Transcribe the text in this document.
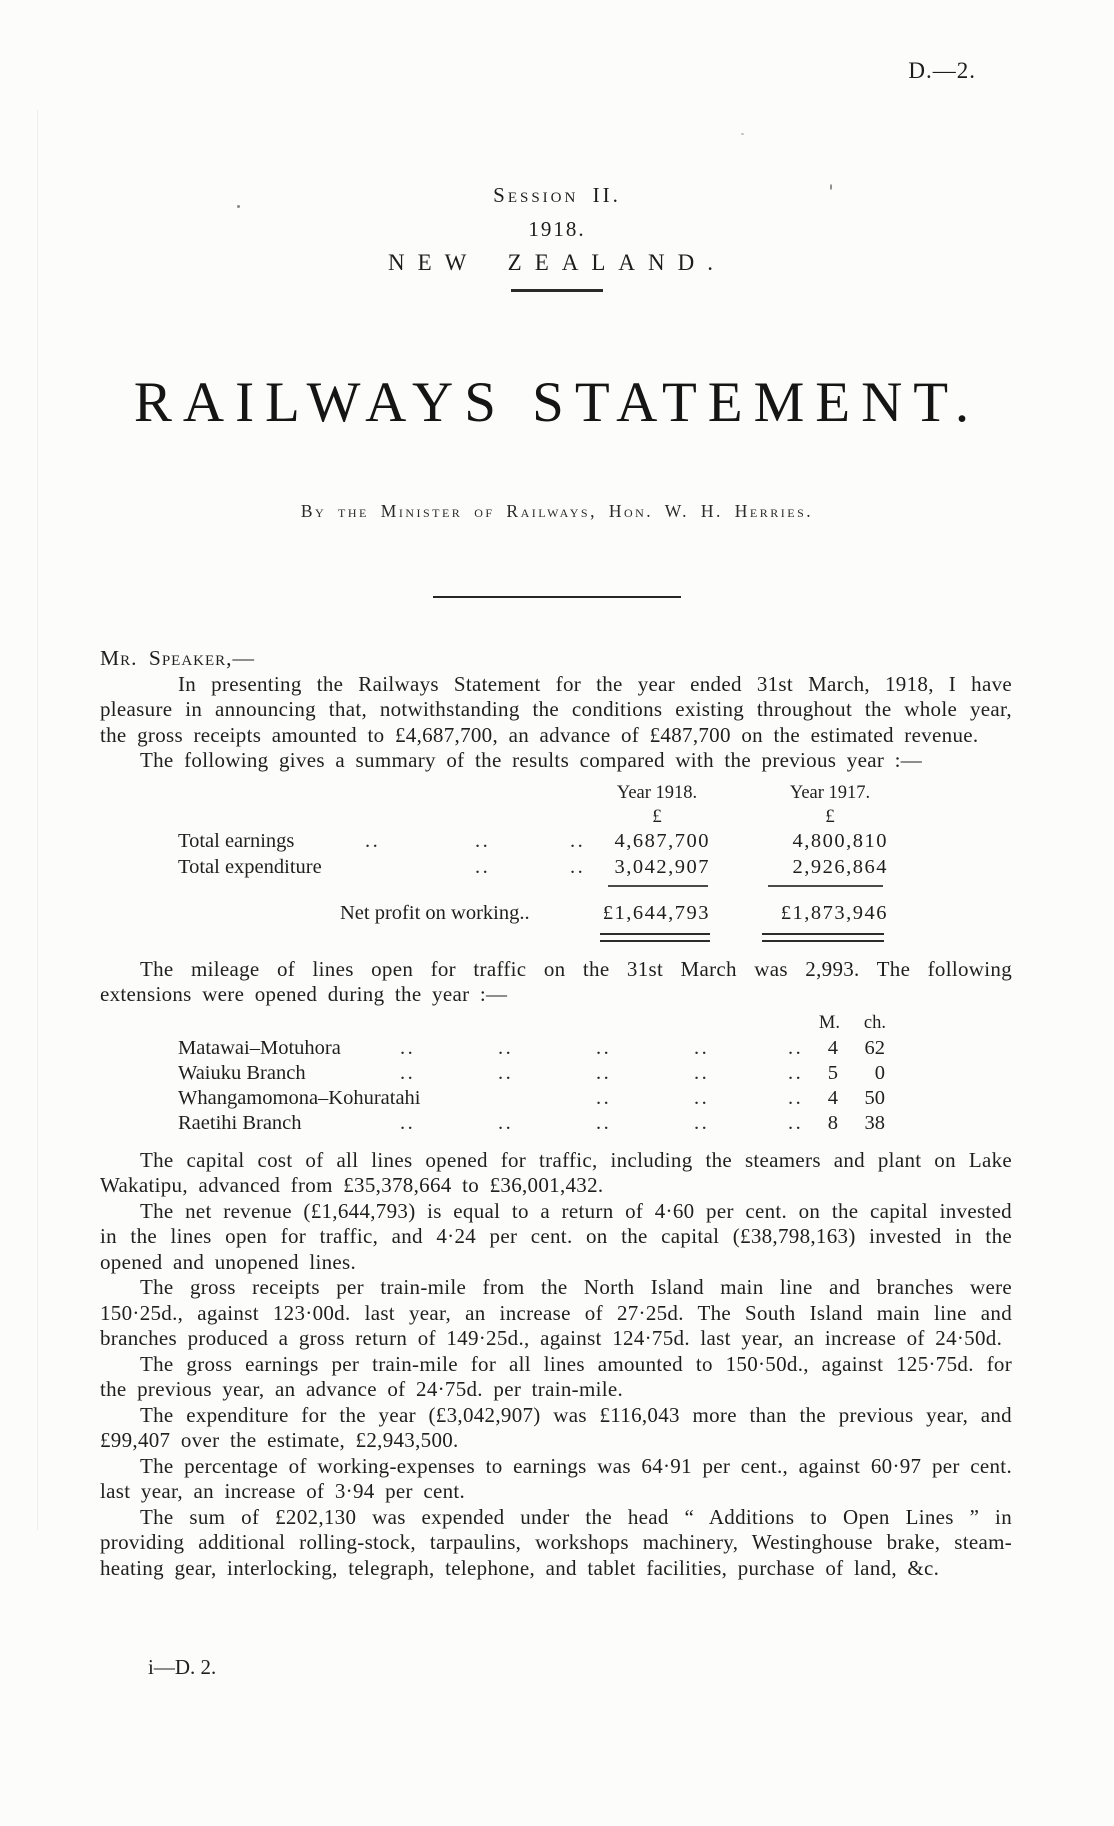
D.—2.
Session II.
1918.
NEW ZEALAND.
RAILWAYS STATEMENT.
By the Minister of Railways, Hon. W. H. Herries.
Mr. Speaker,—

In presenting the Railways Statement for the year ended 31st March, 1918, I have pleasure in announcing that, notwithstanding the conditions existing throughout the whole year, the gross receipts amounted to £4,687,700, an advance of £487,700 on the estimated revenue.

The following gives a summary of the results compared with the previous year :—

Year 1918.	Year 1917.
£	£
Total earnings	..	..	.. 4,687,700	4,800,810
Total expenditure	..	.. 3,042,907	2,926,864
Net profit on working..	£1,644,793	£1,873,946

The mileage of lines open for traffic on the 31st March was 2,993. The following extensions were opened during the year :—

M. ch.
Matawai–Motuhora	..	..	..	..	.. 4 62
Waiuku Branch	..	..	..	..	.. 5 0
Whangamomona–Kohuratahi	..	..	.. 4 50
Raetihi Branch	..	..	..	..	.. 8 38

The capital cost of all lines opened for traffic, including the steamers and plant on Lake Wakatipu, advanced from £35,378,664 to £36,001,432.

The net revenue (£1,644,793) is equal to a return of 4·60 per cent. on the capital invested in the lines open for traffic, and 4·24 per cent. on the capital (£38,798,163) invested in the opened and unopened lines.

The gross receipts per train-mile from the North Island main line and branches were 150·25d., against 123·00d. last year, an increase of 27·25d. The South Island main line and branches produced a gross return of 149·25d., against 124·75d. last year, an increase of 24·50d.

The gross earnings per train-mile for all lines amounted to 150·50d., against 125·75d. for the previous year, an advance of 24·75d. per train-mile.

The expenditure for the year (£3,042,907) was £116,043 more than the previous year, and £99,407 over the estimate, £2,943,500.

The percentage of working-expenses to earnings was 64·91 per cent., against 60·97 per cent. last year, an increase of 3·94 per cent.

The sum of £202,130 was expended under the head “ Additions to Open Lines ” in providing additional rolling-stock, tarpaulins, workshops machinery, Westinghouse brake, steam-heating gear, interlocking, telegraph, telephone, and tablet facilities, purchase of land, &c.

i—D. 2.
